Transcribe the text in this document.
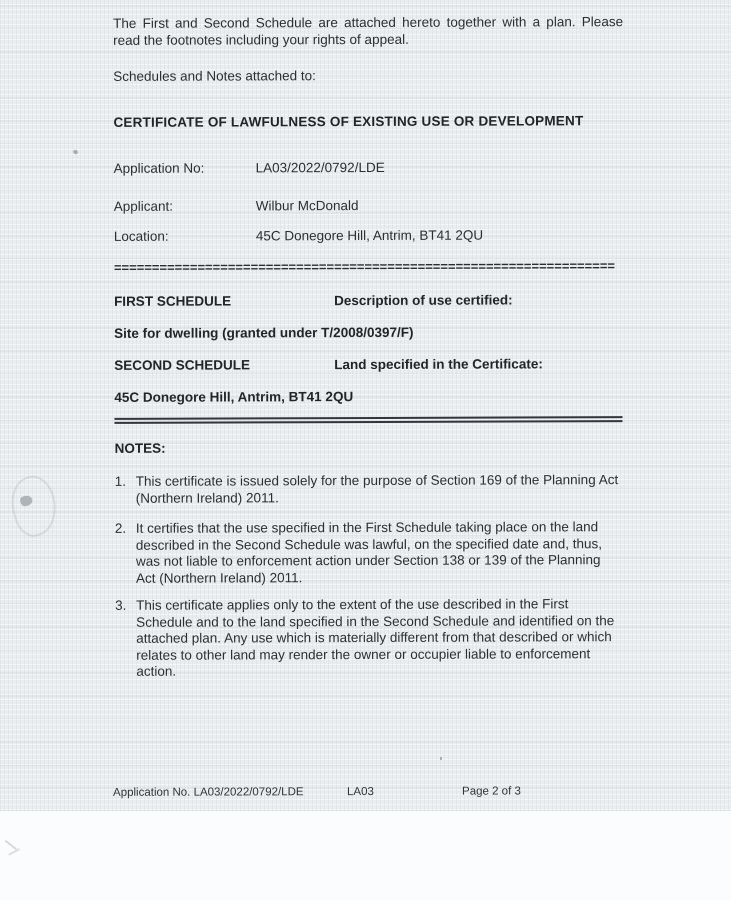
The First and Second Schedule are attached hereto together with a plan. Please read the footnotes including your rights of appeal.

Schedules and Notes attached to:

CERTIFICATE OF LAWFULNESS OF EXISTING USE OR DEVELOPMENT
Application No:	LA03/2022/0792/LDE
Applicant:	Wilbur McDonald
Location:	45C Donegore Hill, Antrim, BT41 2QU
==================================================================
FIRST SCHEDULE	Description of use certified:

Site for dwelling (granted under T/2008/0397/F)

SECOND SCHEDULE	Land specified in the Certificate:

45C Donegore Hill, Antrim, BT41 2QU

NOTES:
1. This certificate is issued solely for the purpose of Section 169 of the Planning Act (Northern Ireland) 2011.
2. It certifies that the use specified in the First Schedule taking place on the land described in the Second Schedule was lawful, on the specified date and, thus, was not liable to enforcement action under Section 138 or 139 of the Planning Act (Northern Ireland) 2011.
3. This certificate applies only to the extent of the use described in the First Schedule and to the land specified in the Second Schedule and identified on the attached plan. Any use which is materially different from that described or which relates to other land may render the owner or occupier liable to enforcement action.
Application No. LA03/2022/0792/LDE	LA03	Page 2 of 3
